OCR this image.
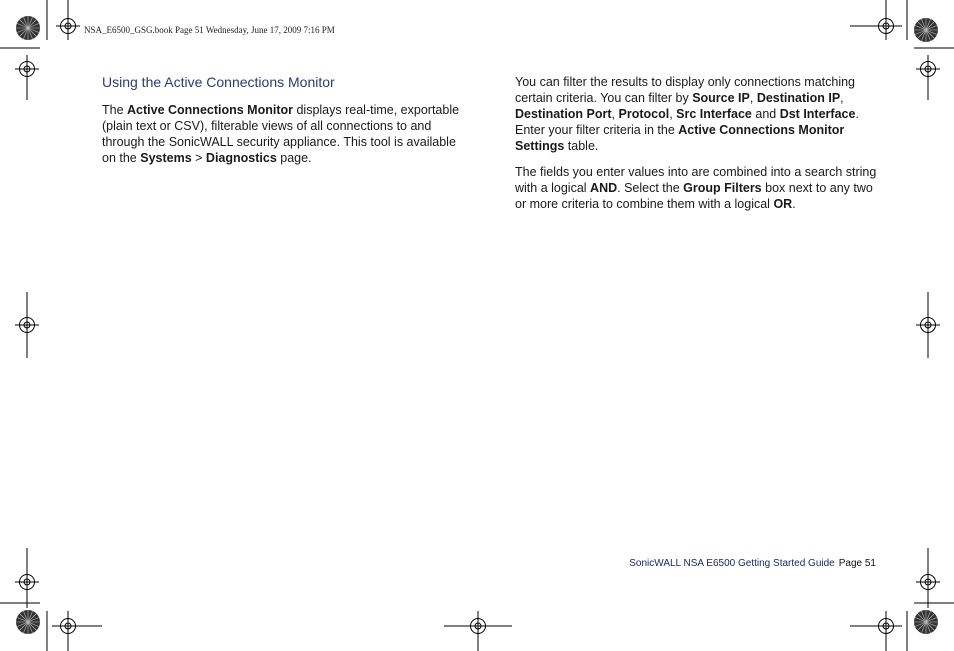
NSA_E6500_GSG.book Page 51 Wednesday, June 17, 2009 7:16 PM
Using the Active Connections Monitor

The Active Connections Monitor displays real-time, exportable (plain text or CSV), filterable views of all connections to and through the SonicWALL security appliance. This tool is available on the Systems > Diagnostics page.

You can filter the results to display only connections matching certain criteria. You can filter by Source IP, Destination IP, Destination Port, Protocol, Src Interface and Dst Interface. Enter your filter criteria in the Active Connections Monitor Settings table.

The fields you enter values into are combined into a search string with a logical AND. Select the Group Filters box next to any two or more criteria to combine them with a logical OR.

SonicWALL NSA E6500 Getting Started Guide Page 51
